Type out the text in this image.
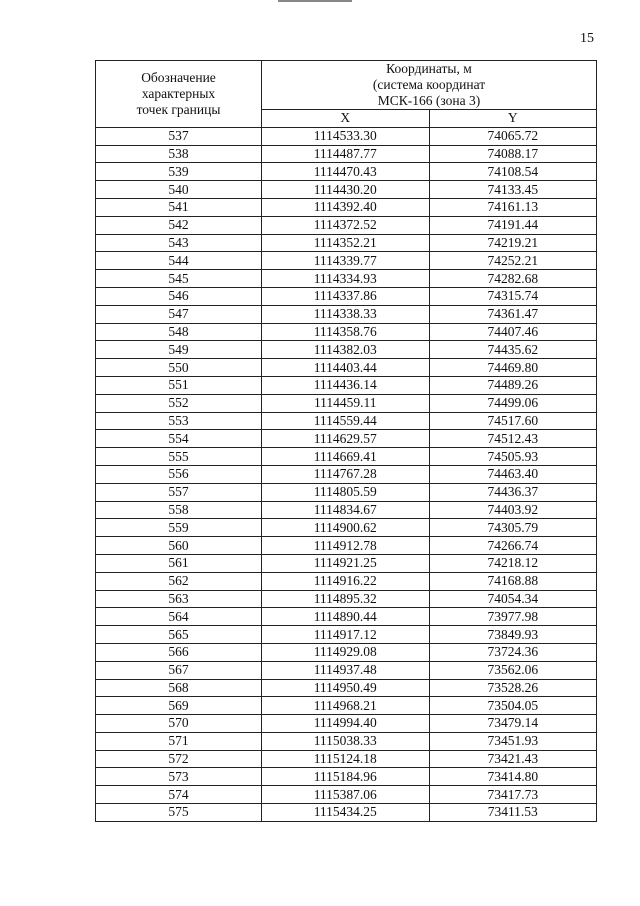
15
Обозначение
характерных
точек границы	Координаты, м
(система координат
МСК-166 (зона 3)	

	X	Y
537	1114533.30	74065.72
538	1114487.77	74088.17
539	1114470.43	74108.54
540	1114430.20	74133.45
541	1114392.40	74161.13
542	1114372.52	74191.44
543	1114352.21	74219.21
544	1114339.77	74252.21
545	1114334.93	74282.68
546	1114337.86	74315.74
547	1114338.33	74361.47
548	1114358.76	74407.46
549	1114382.03	74435.62
550	1114403.44	74469.80
551	1114436.14	74489.26
552	1114459.11	74499.06
553	1114559.44	74517.60
554	1114629.57	74512.43
555	1114669.41	74505.93
556	1114767.28	74463.40
557	1114805.59	74436.37
558	1114834.67	74403.92
559	1114900.62	74305.79
560	1114912.78	74266.74
561	1114921.25	74218.12
562	1114916.22	74168.88
563	1114895.32	74054.34
564	1114890.44	73977.98
565	1114917.12	73849.93
566	1114929.08	73724.36
567	1114937.48	73562.06
568	1114950.49	73528.26
569	1114968.21	73504.05
570	1114994.40	73479.14
571	1115038.33	73451.93
572	1115124.18	73421.43
573	1115184.96	73414.80
574	1115387.06	73417.73
575	1115434.25	73411.53
